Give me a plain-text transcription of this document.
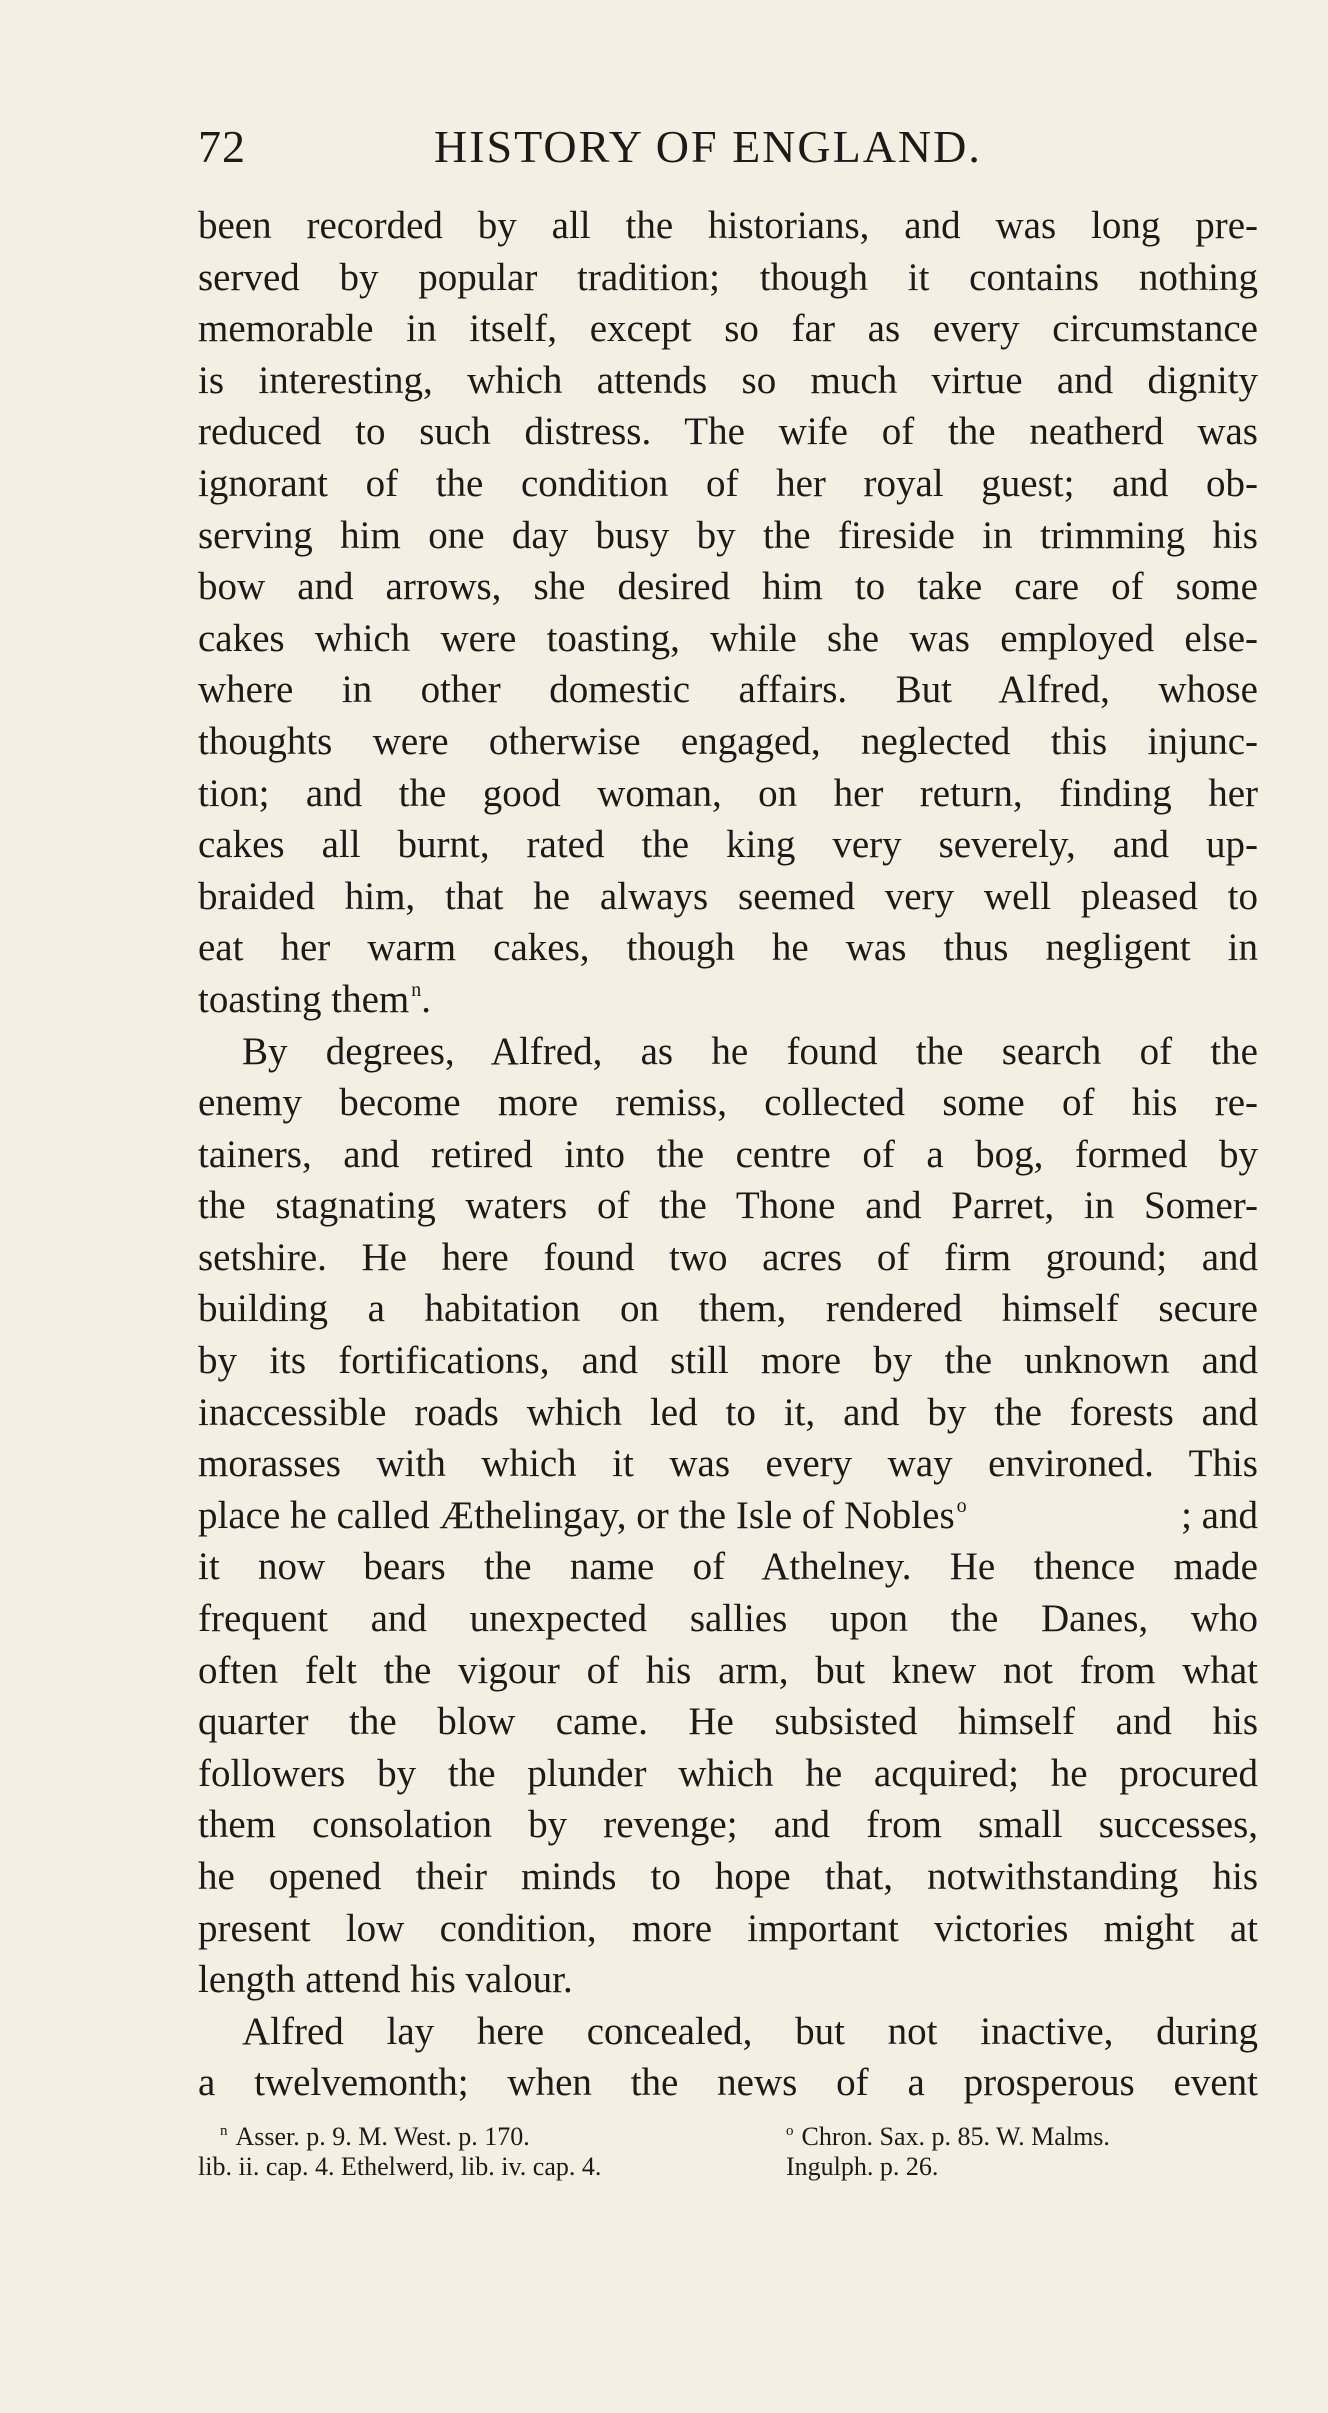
72	HISTORY OF ENGLAND.
been recorded by all the historians, and was long pre-
served by popular tradition; though it contains nothing
memorable in itself, except so far as every circumstance
is interesting, which attends so much virtue and dignity
reduced to such distress. The wife of the neatherd was
ignorant of the condition of her royal guest; and ob-
serving him one day busy by the fireside in trimming his
bow and arrows, she desired him to take care of some
cakes which were toasting, while she was employed else-
where in other domestic affairs. But Alfred, whose
thoughts were otherwise engaged, neglected this injunc-
tion; and the good woman, on her return, finding her
cakes all burnt, rated the king very severely, and up-
braided him, that he always seemed very well pleased to
eat her warm cakes, though he was thus negligent in
toasting them $^n$.
By degrees, Alfred, as he found the search of the
enemy become more remiss, collected some of his re-
tainers, and retired into the centre of a bog, formed by
the stagnating waters of the Thone and Parret, in Somer-
setshire. He here found two acres of firm ground; and
building a habitation on them, rendered himself secure
by its fortifications, and still more by the unknown and
inaccessible roads which led to it, and by the forests and
morasses with which it was every way environed. This
place he called Æthelingay, or the Isle of Nobles $^o$	; and
it now bears the name of Athelney. He thence made
frequent and unexpected sallies upon the Danes, who
often felt the vigour of his arm, but knew not from what
quarter the blow came. He subsisted himself and his
followers by the plunder which he acquired; he procured
them consolation by revenge; and from small successes,
he opened their minds to hope that, notwithstanding his
present low condition, more important victories might at
length attend his valour.
Alfred lay here concealed, but not inactive, during
a twelvemonth; when the news of a prosperous event
$^n$ Asser. p. 9. M. West. p. 170.	$^o$ Chron. Sax. p. 85. W. Malms.
lib. ii. cap. 4. Ethelwerd, lib. iv. cap. 4.	Ingulph. p. 26.
